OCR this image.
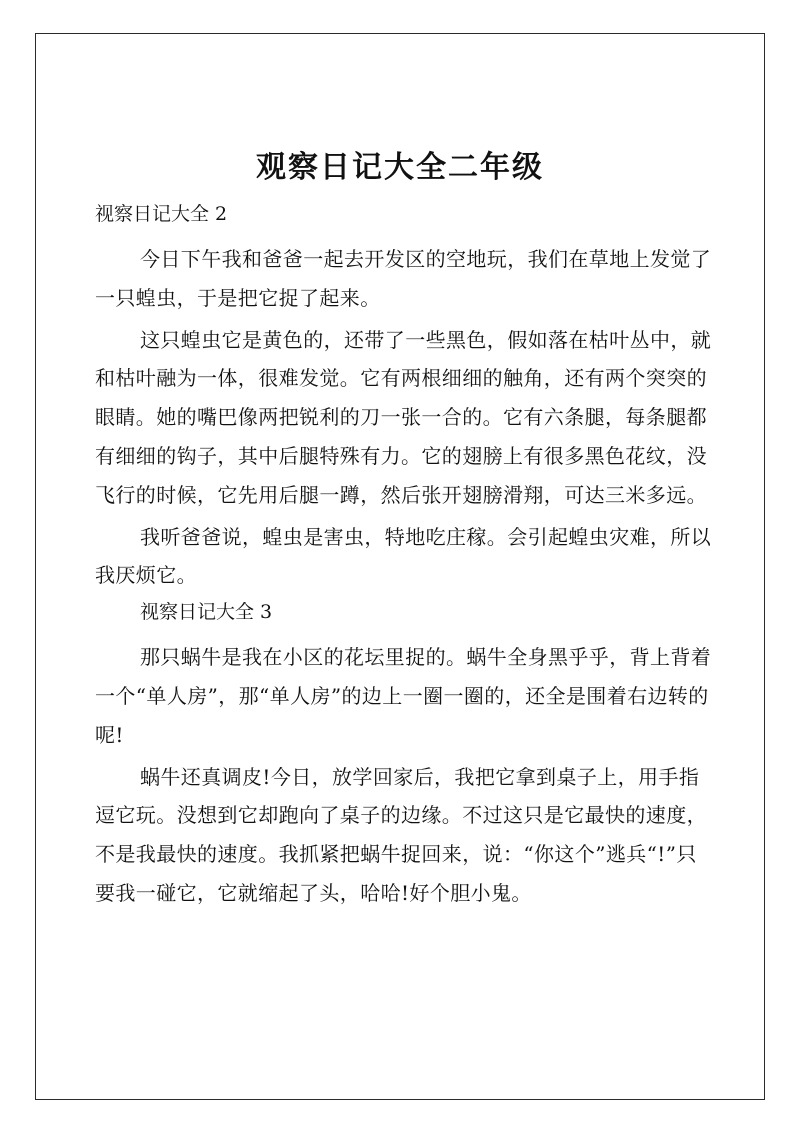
观察日记大全二年级
视察日记大全 2

今日下午我和爸爸一起去开发区的空地玩，我们在草地上发觉了一只蝗虫，于是把它捉了起来。

这只蝗虫它是黄色的，还带了一些黑色，假如落在枯叶丛中，就和枯叶融为一体，很难发觉。它有两根细细的触角，还有两个突突的眼睛。她的嘴巴像两把锐利的刀一张一合的。它有六条腿，每条腿都有细细的钩子，其中后腿特殊有力。它的翅膀上有很多黑色花纹，没飞行的时候，它先用后腿一蹲，然后张开翅膀滑翔，可达三米多远。

我听爸爸说，蝗虫是害虫，特地吃庄稼。会引起蝗虫灾难，所以我厌烦它。

视察日记大全 3

那只蜗牛是我在小区的花坛里捉的。蜗牛全身黑乎乎，背上背着一个“单人房”，那“单人房”的边上一圈一圈的，还全是围着右边转的呢!

蜗牛还真调皮!今日，放学回家后，我把它拿到桌子上，用手指逗它玩。没想到它却跑向了桌子的边缘。不过这只是它最快的速度，不是我最快的速度。我抓紧把蜗牛捉回来，说：“你这个”逃兵“!”只要我一碰它，它就缩起了头，哈哈!好个胆小鬼。
